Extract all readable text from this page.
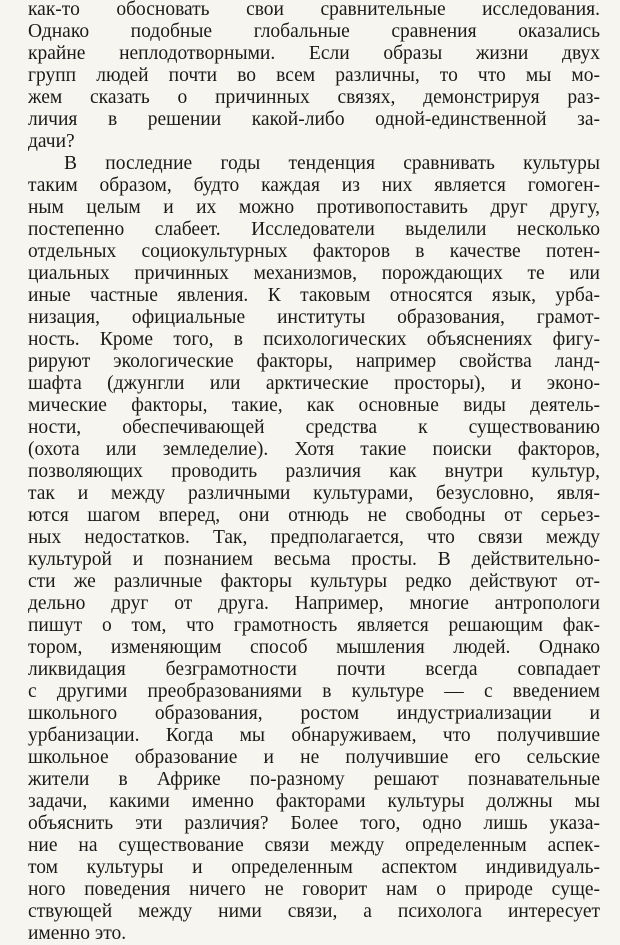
как-то обосновать свои сравнительные исследования.
Однако подобные глобальные сравнения оказались
крайне неплодотворными. Если образы жизни двух
групп людей почти во всем различны, то что мы мо-
жем сказать о причинных связях, демонстрируя раз-
личия в решении какой-либо одной-единственной за-
дачи?
В последние годы тенденция сравнивать культуры
таким образом, будто каждая из них является гомоген-
ным целым и их можно противопоставить друг другу,
постепенно слабеет. Исследователи выделили несколько
отдельных социокультурных факторов в качестве потен-
циальных причинных механизмов, порождающих те или
иные частные явления. К таковым относятся язык, урба-
низация, официальные институты образования, грамот-
ность. Кроме того, в психологических объяснениях фигу-
рируют экологические факторы, например свойства ланд-
шафта (джунгли или арктические просторы), и эконо-
мические факторы, такие, как основные виды деятель-
ности, обеспечивающей средства к существованию
(охота или земледелие). Хотя такие поиски факторов,
позволяющих проводить различия как внутри культур,
так и между различными культурами, безусловно, явля-
ются шагом вперед, они отнюдь не свободны от серьез-
ных недостатков. Так, предполагается, что связи между
культурой и познанием весьма просты. В действительно-
сти же различные факторы культуры редко действуют от-
дельно друг от друга. Например, многие антропологи
пишут о том, что грамотность является решающим фак-
тором, изменяющим способ мышления людей. Однако
ликвидация безграмотности почти всегда совпадает
с другими преобразованиями в культуре — с введением
школьного образования, ростом индустриализации и
урбанизации. Когда мы обнаруживаем, что получившие
школьное образование и не получившие его сельские
жители в Африке по-разному решают познавательные
задачи, какими именно факторами культуры должны мы
объяснить эти различия? Более того, одно лишь указа-
ние на существование связи между определенным аспек-
том культуры и определенным аспектом индивидуаль-
ного поведения ничего не говорит нам о природе суще-
ствующей между ними связи, а психолога интересует
именно это.
